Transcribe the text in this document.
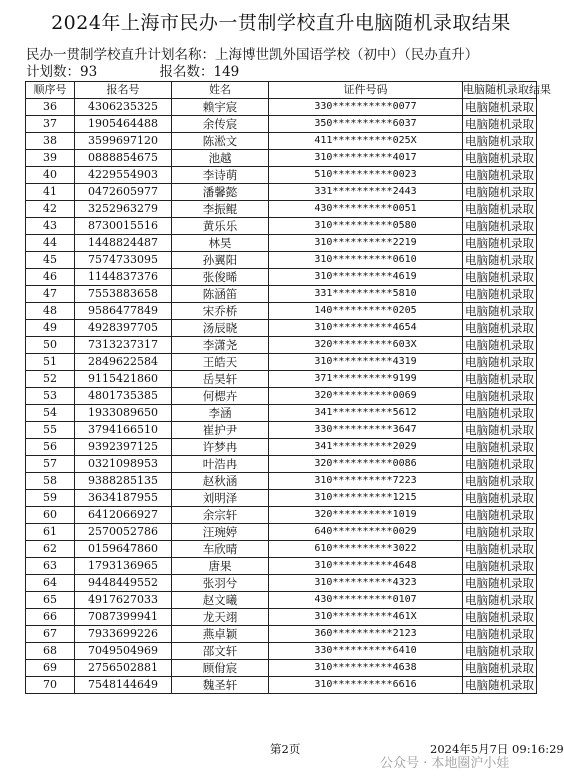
2024年上海市民办一贯制学校直升电脑随机录取结果
民办一贯制学校直升计划名称：上海博世凯外国语学校（初中）（民办直升）
计划数：93	报名数：149
顺序号	报名号	姓名	证件号码	电脑随机录取结果
36	4306235325	赖宇宸	330**********0077	电脑随机录取
37	1905464488	余传宸	350**********6037	电脑随机录取
38	3599697120	陈淞文	411**********025X	电脑随机录取
39	0888854675	池越	310**********4017	电脑随机录取
40	4229554903	李诗萌	510**********0023	电脑随机录取
41	0472605977	潘馨懿	331**********2443	电脑随机录取
42	3252963279	李振鲲	430**********0051	电脑随机录取
43	8730015516	黄乐乐	310**********0580	电脑随机录取
44	1448824487	林昊	310**********2219	电脑随机录取
45	7574733095	孙翼阳	310**********0610	电脑随机录取
46	1144837376	张俊晞	310**********4619	电脑随机录取
47	7553883658	陈涵笛	331**********5810	电脑随机录取
48	9586477849	宋乔桥	140**********0205	电脑随机录取
49	4928397705	汤辰晓	310**********4654	电脑随机录取
50	7313237317	李潇尧	320**********603X	电脑随机录取
51	2849622584	王皓天	310**********4319	电脑随机录取
52	9115421860	岳昊轩	371**********9199	电脑随机录取
53	4801735385	何楒卉	320**********0069	电脑随机录取
54	1933089650	李涵	341**********5612	电脑随机录取
55	3794166510	崔护尹	330**********3647	电脑随机录取
56	9392397125	许梦冉	341**********2029	电脑随机录取
57	0321098953	叶浩冉	320**********0086	电脑随机录取
58	9388285135	赵秋涵	310**********7223	电脑随机录取
59	3634187955	刘明泽	310**********1215	电脑随机录取
60	6412066927	余宗轩	320**********1019	电脑随机录取
61	2570052786	汪琬婷	640**********0029	电脑随机录取
62	0159647860	车欣晴	610**********3022	电脑随机录取
63	1793136965	唐果	310**********4648	电脑随机录取
64	9448449552	张羽兮	310**********4323	电脑随机录取
65	4917627033	赵文曦	430**********0107	电脑随机录取
66	7087399941	龙天翊	310**********461X	电脑随机录取
67	7933699226	燕卓颖	360**********2123	电脑随机录取
68	7049504969	邵文轩	330**********6410	电脑随机录取
69	2756502881	顾佾宸	310**********4638	电脑随机录取
70	7548144649	魏圣轩	310**********6616	电脑随机录取
第2页	2024年5月7日 09:16:29
公众号 · 本地圈沪小娃
